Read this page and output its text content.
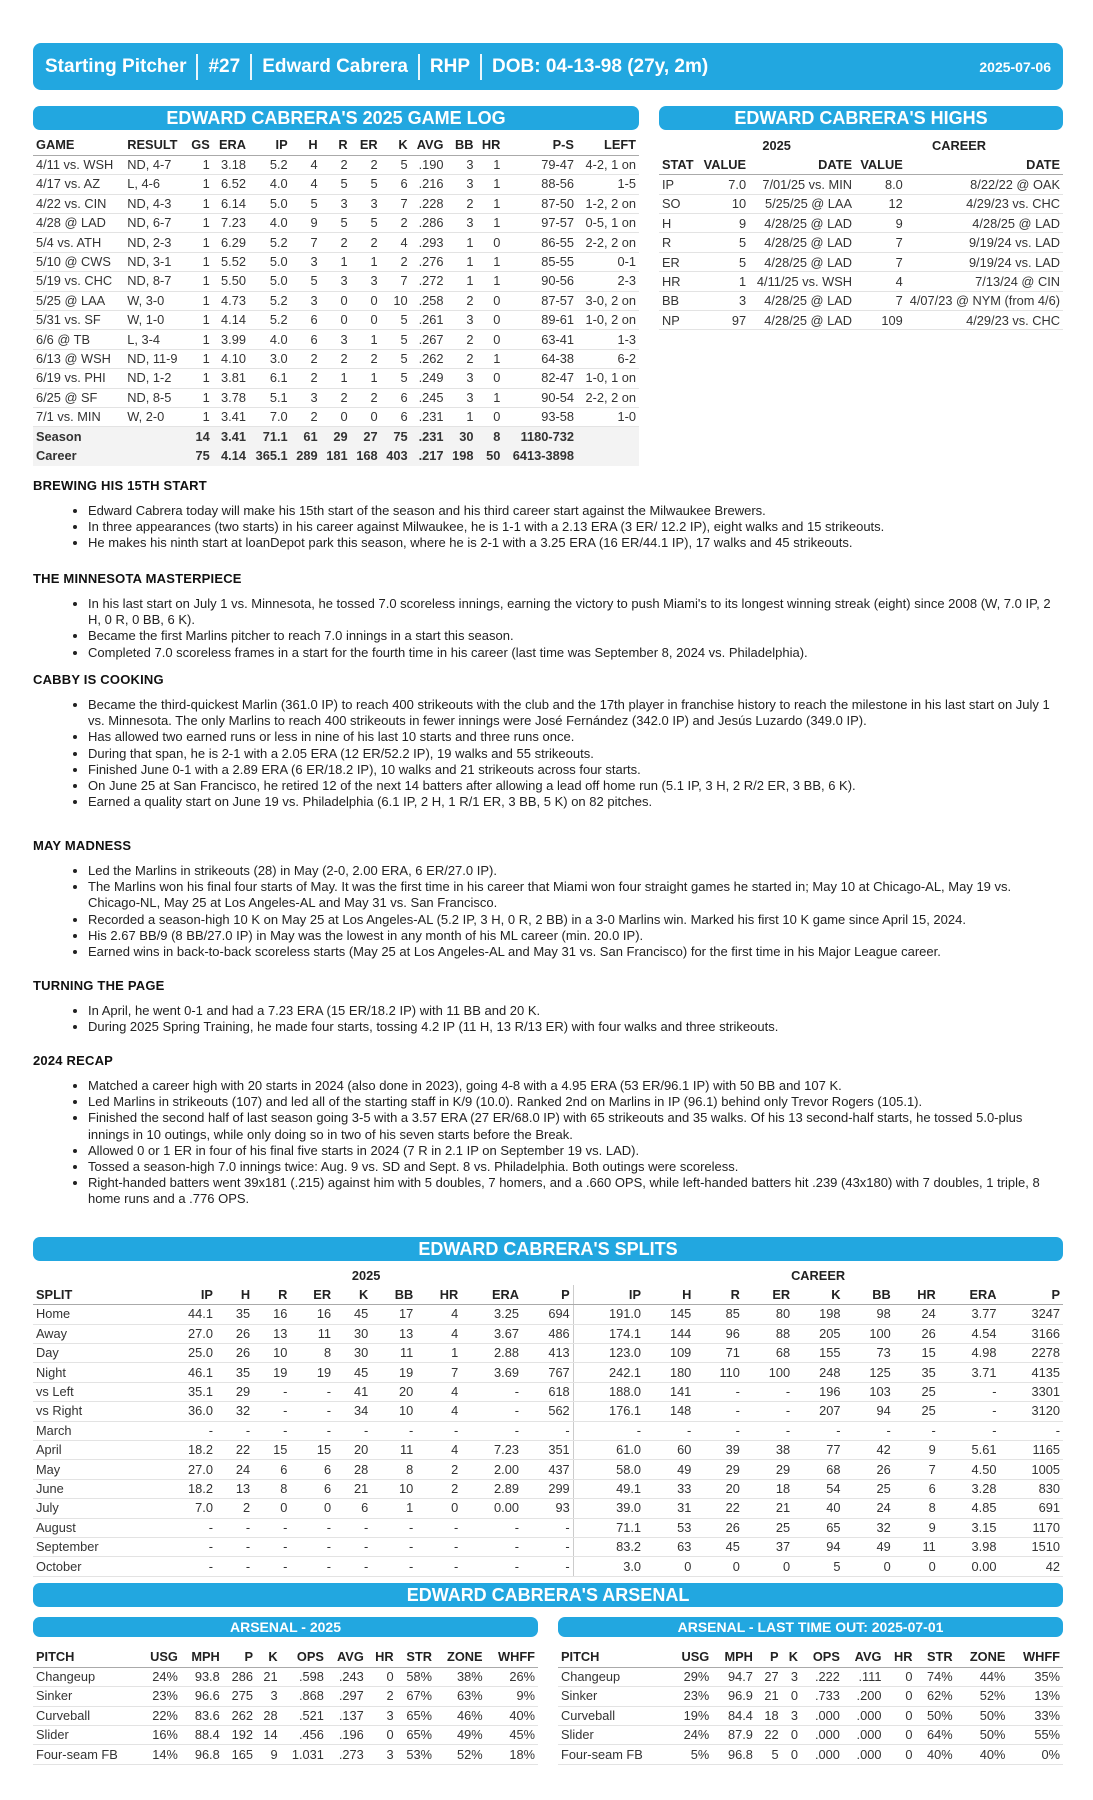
Starting Pitcher #27 Edward Cabrera RHP DOB: 04-13-98 (27y, 2m)	2025-07-06
EDWARD CABRERA'S 2025 GAME LOG
GAME	RESULT	GS	ERA	IP	H	R	ER	K	AVG	BB	HR	P-S	LEFT
4/11 vs. WSH	ND, 4-7	1	3.18	5.2	4	2	2	5	.190	3	1	79-47	4-2, 1 on
4/17 vs. AZ	L, 4-6	1	6.52	4.0	4	5	5	6	.216	3	1	88-56	1-5
4/22 vs. CIN	ND, 4-3	1	6.14	5.0	5	3	3	7	.228	2	1	87-50	1-2, 2 on
4/28 @ LAD	ND, 6-7	1	7.23	4.0	9	5	5	2	.286	3	1	97-57	0-5, 1 on
5/4 vs. ATH	ND, 2-3	1	6.29	5.2	7	2	2	4	.293	1	0	86-55	2-2, 2 on
5/10 @ CWS	ND, 3-1	1	5.52	5.0	3	1	1	2	.276	1	1	85-55	0-1
5/19 vs. CHC	ND, 8-7	1	5.50	5.0	5	3	3	7	.272	1	1	90-56	2-3
5/25 @ LAA	W, 3-0	1	4.73	5.2	3	0	0	10	.258	2	0	87-57	3-0, 2 on
5/31 vs. SF	W, 1-0	1	4.14	5.2	6	0	0	5	.261	3	0	89-61	1-0, 2 on
6/6 @ TB	L, 3-4	1	3.99	4.0	6	3	1	5	.267	2	0	63-41	1-3
6/13 @ WSH	ND, 11-9	1	4.10	3.0	2	2	2	5	.262	2	1	64-38	6-2
6/19 vs. PHI	ND, 1-2	1	3.81	6.1	2	1	1	5	.249	3	0	82-47	1-0, 1 on
6/25 @ SF	ND, 8-5	1	3.78	5.1	3	2	2	6	.245	3	1	90-54	2-2, 2 on
7/1 vs. MIN	W, 2-0	1	3.41	7.0	2	0	0	6	.231	1	0	93-58	1-0
Season		14	3.41	71.1	61	29	27	75	.231	30	8	1180-732	
Career		75	4.14	365.1	289	181	168	403	.217	198	50	6413-3898	
EDWARD CABRERA'S HIGHS
	2025		CAREER	
STAT	VALUE	DATE	VALUE	DATE
IP	7.0	7/01/25 vs. MIN	8.0	8/22/22 @ OAK
SO	10	5/25/25 @ LAA	12	4/29/23 vs. CHC
H	9	4/28/25 @ LAD	9	4/28/25 @ LAD
R	5	4/28/25 @ LAD	7	9/19/24 vs. LAD
ER	5	4/28/25 @ LAD	7	9/19/24 vs. LAD
HR	1	4/11/25 vs. WSH	4	7/13/24 @ CIN
BB	3	4/28/25 @ LAD	7	4/07/23 @ NYM (from 4/6)
NP	97	4/28/25 @ LAD	109	4/29/23 vs. CHC
BREWING HIS 15TH START
• Edward Cabrera today will make his 15th start of the season and his third career start against the Milwaukee Brewers.
• In three appearances (two starts) in his career against Milwaukee, he is 1-1 with a 2.13 ERA (3 ER/ 12.2 IP), eight walks and 15 strikeouts.
• He makes his ninth start at loanDepot park this season, where he is 2-1 with a 3.25 ERA (16 ER/44.1 IP), 17 walks and 45 strikeouts.
THE MINNESOTA MASTERPIECE
• In his last start on July 1 vs. Minnesota, he tossed 7.0 scoreless innings, earning the victory to push Miami's to its longest winning streak (eight) since 2008 (W, 7.0 IP, 2 H, 0 R, 0 BB, 6 K).
• Became the first Marlins pitcher to reach 7.0 innings in a start this season.
• Completed 7.0 scoreless frames in a start for the fourth time in his career (last time was September 8, 2024 vs. Philadelphia).
CABBY IS COOKING
• Became the third-quickest Marlin (361.0 IP) to reach 400 strikeouts with the club and the 17th player in franchise history to reach the milestone in his last start on July 1 vs. Minnesota. The only Marlins to reach 400 strikeouts in fewer innings were José Fernández (342.0 IP) and Jesús Luzardo (349.0 IP).
• Has allowed two earned runs or less in nine of his last 10 starts and three runs once.
• During that span, he is 2-1 with a 2.05 ERA (12 ER/52.2 IP), 19 walks and 55 strikeouts.
• Finished June 0-1 with a 2.89 ERA (6 ER/18.2 IP), 10 walks and 21 strikeouts across four starts.
• On June 25 at San Francisco, he retired 12 of the next 14 batters after allowing a lead off home run (5.1 IP, 3 H, 2 R/2 ER, 3 BB, 6 K).
• Earned a quality start on June 19 vs. Philadelphia (6.1 IP, 2 H, 1 R/1 ER, 3 BB, 5 K) on 82 pitches.
MAY MADNESS
• Led the Marlins in strikeouts (28) in May (2-0, 2.00 ERA, 6 ER/27.0 IP).
• The Marlins won his final four starts of May. It was the first time in his career that Miami won four straight games he started in; May 10 at Chicago-AL, May 19 vs. Chicago-NL, May 25 at Los Angeles-AL and May 31 vs. San Francisco.
• Recorded a season-high 10 K on May 25 at Los Angeles-AL (5.2 IP, 3 H, 0 R, 2 BB) in a 3-0 Marlins win. Marked his first 10 K game since April 15, 2024.
• His 2.67 BB/9 (8 BB/27.0 IP) in May was the lowest in any month of his ML career (min. 20.0 IP).
• Earned wins in back-to-back scoreless starts (May 25 at Los Angeles-AL and May 31 vs. San Francisco) for the first time in his Major League career.
TURNING THE PAGE
• In April, he went 0-1 and had a 7.23 ERA (15 ER/18.2 IP) with 11 BB and 20 K.
• During 2025 Spring Training, he made four starts, tossing 4.2 IP (11 H, 13 R/13 ER) with four walks and three strikeouts.
2024 RECAP
• Matched a career high with 20 starts in 2024 (also done in 2023), going 4-8 with a 4.95 ERA (53 ER/96.1 IP) with 50 BB and 107 K.
• Led Marlins in strikeouts (107) and led all of the starting staff in K/9 (10.0). Ranked 2nd on Marlins in IP (96.1) behind only Trevor Rogers (105.1).
• Finished the second half of last season going 3-5 with a 3.57 ERA (27 ER/68.0 IP) with 65 strikeouts and 35 walks. Of his 13 second-half starts, he tossed 5.0-plus innings in 10 outings, while only doing so in two of his seven starts before the Break.
• Allowed 0 or 1 ER in four of his final five starts in 2024 (7 R in 2.1 IP on September 19 vs. LAD).
• Tossed a season-high 7.0 innings twice: Aug. 9 vs. SD and Sept. 8 vs. Philadelphia. Both outings were scoreless.
• Right-handed batters went 39x181 (.215) against him with 5 doubles, 7 homers, and a .660 OPS, while left-handed batters hit .239 (43x180) with 7 doubles, 1 triple, 8 home runs and a .776 OPS.
EDWARD CABRERA'S SPLITS
	2025									CAREER								
SPLIT	IP	H	R	ER	K	BB	HR	ERA	P	IP	H	R	ER	K	BB	HR	ERA	P
Home	44.1	35	16	16	45	17	4	3.25	694	191.0	145	85	80	198	98	24	3.77	3247
Away	27.0	26	13	11	30	13	4	3.67	486	174.1	144	96	88	205	100	26	4.54	3166
Day	25.0	26	10	8	30	11	1	2.88	413	123.0	109	71	68	155	73	15	4.98	2278
Night	46.1	35	19	19	45	19	7	3.69	767	242.1	180	110	100	248	125	35	3.71	4135
vs Left	35.1	29	-	-	41	20	4	-	618	188.0	141	-	-	196	103	25	-	3301
vs Right	36.0	32	-	-	34	10	4	-	562	176.1	148	-	-	207	94	25	-	3120
March	-	-	-	-	-	-	-	-	-	-	-	-	-	-	-	-	-	-
April	18.2	22	15	15	20	11	4	7.23	351	61.0	60	39	38	77	42	9	5.61	1165
May	27.0	24	6	6	28	8	2	2.00	437	58.0	49	29	29	68	26	7	4.50	1005
June	18.2	13	8	6	21	10	2	2.89	299	49.1	33	20	18	54	25	6	3.28	830
July	7.0	2	0	0	6	1	0	0.00	93	39.0	31	22	21	40	24	8	4.85	691
August	-	-	-	-	-	-	-	-	-	71.1	53	26	25	65	32	9	3.15	1170
September	-	-	-	-	-	-	-	-	-	83.2	63	45	37	94	49	11	3.98	1510
October	-	-	-	-	-	-	-	-	-	3.0	0	0	0	5	0	0	0.00	42
EDWARD CABRERA'S ARSENAL
ARSENAL - 2025	ARSENAL - LAST TIME OUT: 2025-07-01
PITCH	USG	MPH	P	K	OPS	AVG	HR	STR	ZONE	WHFF
Changeup	24%	93.8	286	21	.598	.243	0	58%	38%	26%
Sinker	23%	96.6	275	3	.868	.297	2	67%	63%	9%
Curveball	22%	83.6	262	28	.521	.137	3	65%	46%	40%
Slider	16%	88.4	192	14	.456	.196	0	65%	49%	45%
Four-seam FB	14%	96.8	165	9	1.031	.273	3	53%	52%	18%
PITCH	USG	MPH	P	K	OPS	AVG	HR	STR	ZONE	WHFF
Changeup	29%	94.7	27	3	.222	.111	0	74%	44%	35%
Sinker	23%	96.9	21	0	.733	.200	0	62%	52%	13%
Curveball	19%	84.4	18	3	.000	.000	0	50%	50%	33%
Slider	24%	87.9	22	0	.000	.000	0	64%	50%	55%
Four-seam FB	5%	96.8	5	0	.000	.000	0	40%	40%	0%
